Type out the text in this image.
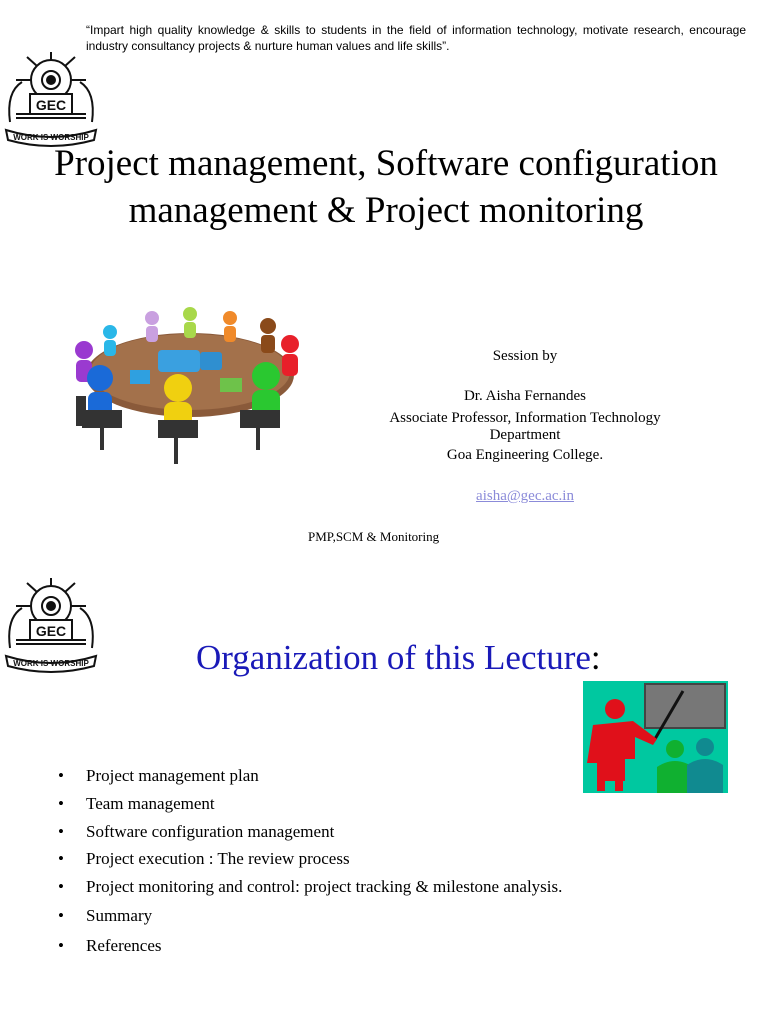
“Impart high quality knowledge & skills to students in the field of information technology, motivate research, encourage industry consultancy projects & nurture human values and life skills”.
GEC
WORK IS WORSHIP
Project management, Software configuration
management & Project monitoring
Session by
Dr. Aisha Fernandes
Associate Professor, Information Technology
Department
Goa Engineering College.
aisha@gec.ac.in
PMP,SCM & Monitoring
GEC
WORK IS WORSHIP	Organization of this Lecture:
• Project management plan
• Team management
• Software configuration management
• Project execution : The review process
• Project monitoring and control: project tracking & milestone analysis.
• Summary
• References
